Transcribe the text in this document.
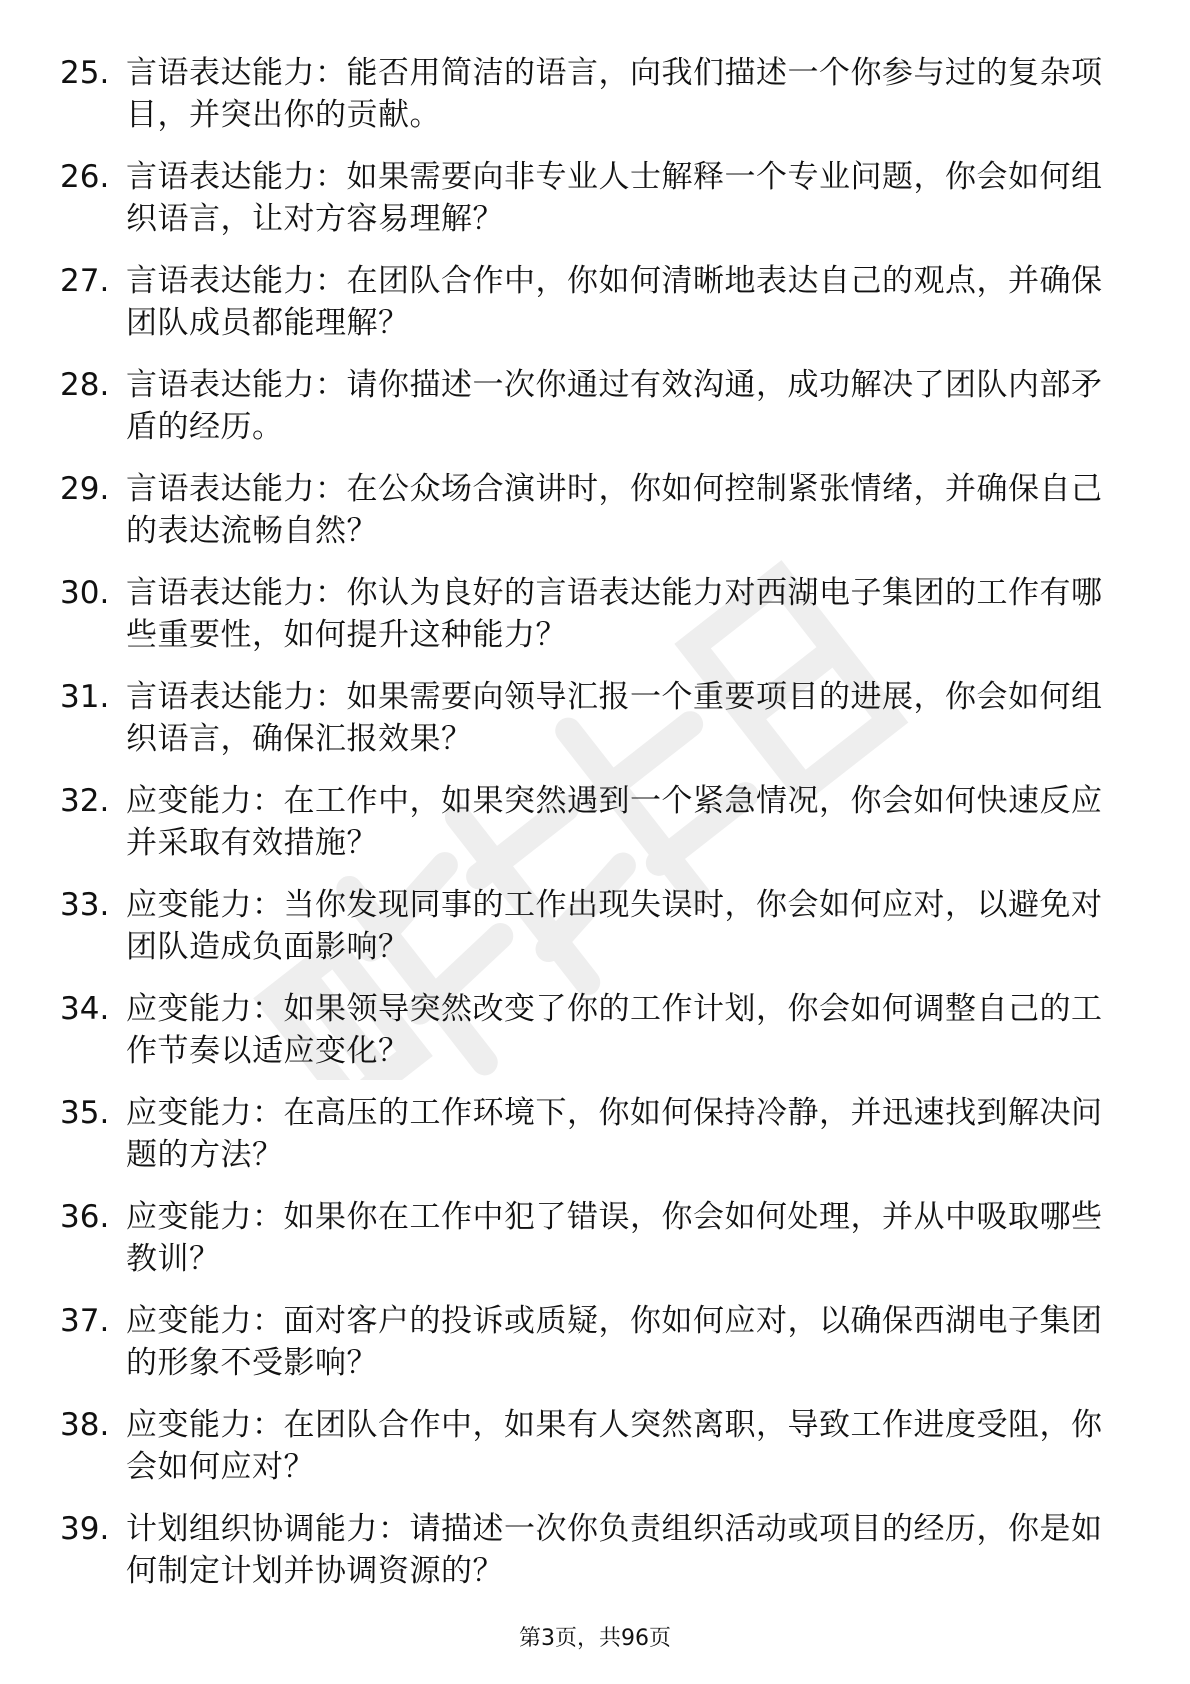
25. 言语表达能力：能否用简洁的语言，向我们描述一个你参与过的复杂项目，并突出你的贡献。
26. 言语表达能力：如果需要向非专业人士解释一个专业问题，你会如何组织语言，让对方容易理解？
27. 言语表达能力：在团队合作中，你如何清晰地表达自己的观点，并确保团队成员都能理解？
28. 言语表达能力：请你描述一次你通过有效沟通，成功解决了团队内部矛盾的经历。
29. 言语表达能力：在公众场合演讲时，你如何控制紧张情绪，并确保自己的表达流畅自然？
30. 言语表达能力：你认为良好的言语表达能力对西湖电子集团的工作有哪些重要性，如何提升这种能力？
31. 言语表达能力：如果需要向领导汇报一个重要项目的进展，你会如何组织语言，确保汇报效果？
32. 应变能力：在工作中，如果突然遇到一个紧急情况，你会如何快速反应并采取有效措施？
33. 应变能力：当你发现同事的工作出现失误时，你会如何应对，以避免对团队造成负面影响？
34. 应变能力：如果领导突然改变了你的工作计划，你会如何调整自己的工作节奏以适应变化？
35. 应变能力：在高压的工作环境下，你如何保持冷静，并迅速找到解决问题的方法？
36. 应变能力：如果你在工作中犯了错误，你会如何处理，并从中吸取哪些教训？
37. 应变能力：面对客户的投诉或质疑，你如何应对，以确保西湖电子集团的形象不受影响？
38. 应变能力：在团队合作中，如果有人突然离职，导致工作进度受阻，你会如何应对？
39. 计划组织协调能力：请描述一次你负责组织活动或项目的经历，你是如何制定计划并协调资源的？
第3页，共96页
